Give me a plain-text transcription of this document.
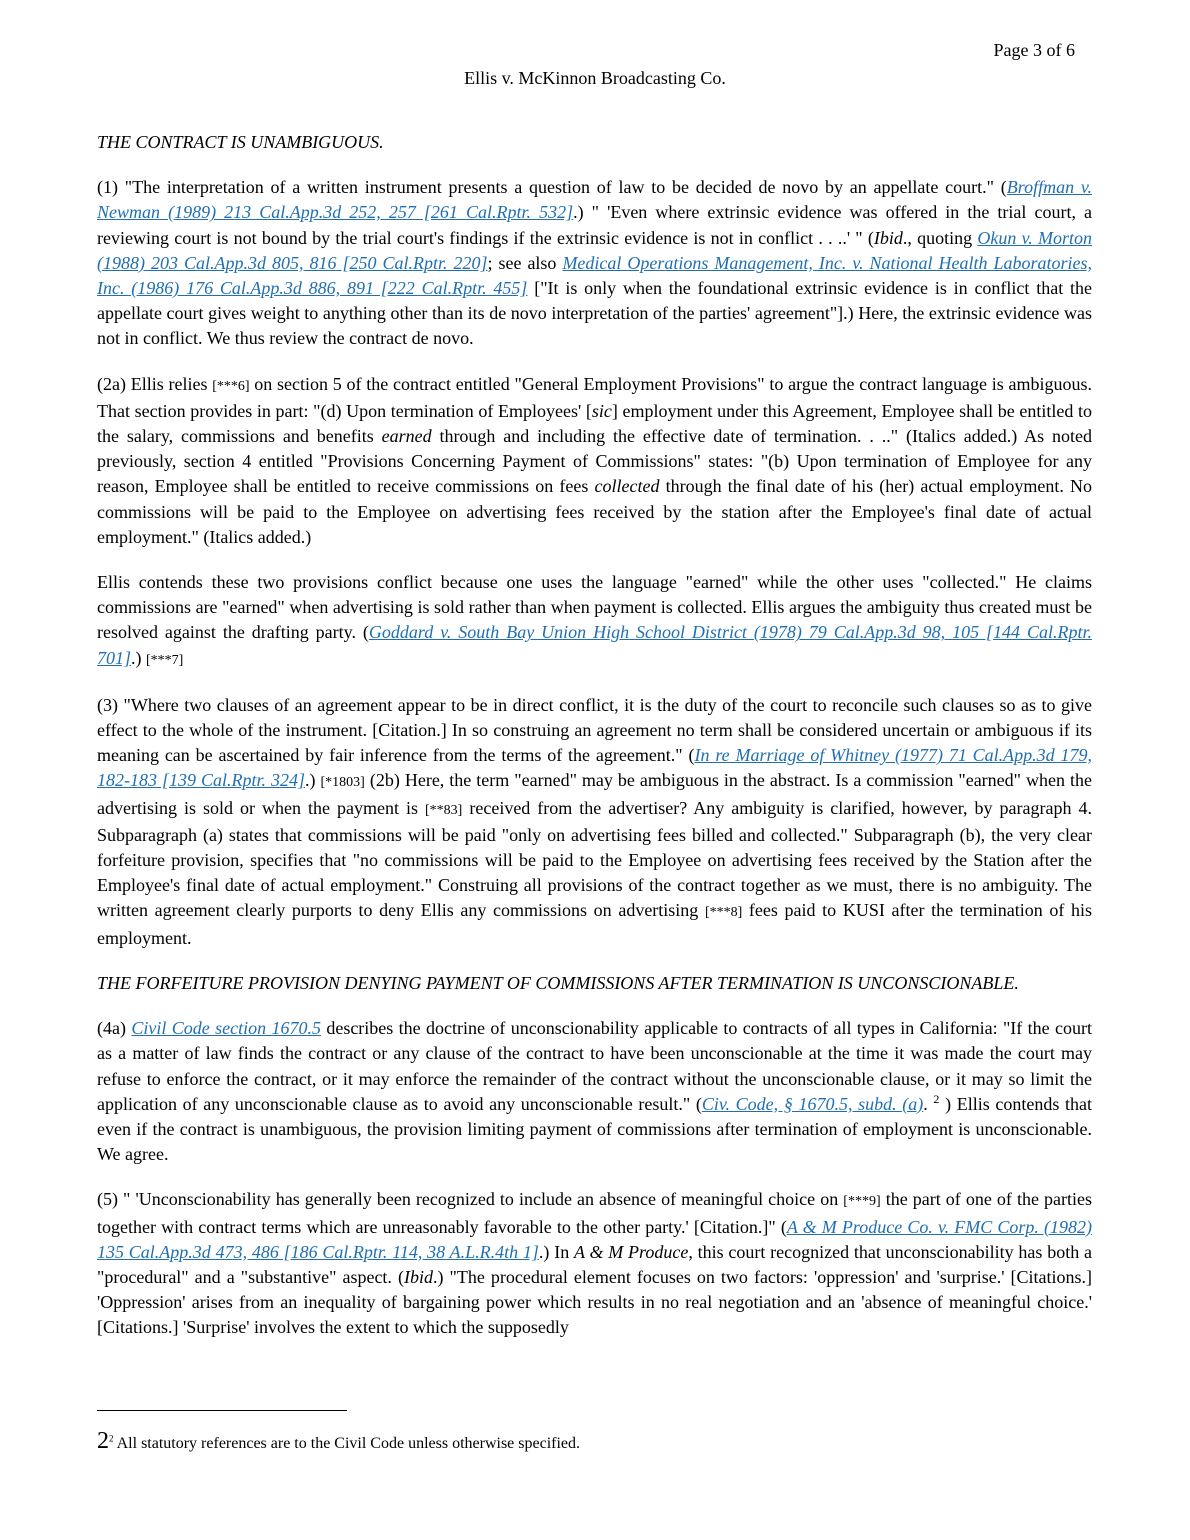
Page 3 of 6
Ellis v. McKinnon Broadcasting Co.
THE CONTRACT IS UNAMBIGUOUS.

(1) "The interpretation of a written instrument presents a question of law to be decided de novo by an appellate court." (Broffman v. Newman (1989) 213 Cal.App.3d 252, 257 [261 Cal.Rptr. 532].) " 'Even where extrinsic evidence was offered in the trial court, a reviewing court is not bound by the trial court's findings if the extrinsic evidence is not in conflict . . ..' " (Ibid., quoting Okun v. Morton (1988) 203 Cal.App.3d 805, 816 [250 Cal.Rptr. 220]; see also Medical Operations Management, Inc. v. National Health Laboratories, Inc. (1986) 176 Cal.App.3d 886, 891 [222 Cal.Rptr. 455] ["It is only when the foundational extrinsic evidence is in conflict that the appellate court gives weight to anything other than its de novo interpretation of the parties' agreement"].) Here, the extrinsic evidence was not in conflict. We thus review the contract de novo.

(2a) Ellis relies [***6] on section 5 of the contract entitled "General Employment Provisions" to argue the contract language is ambiguous. That section provides in part: "(d) Upon termination of Employees' [sic] employment under this Agreement, Employee shall be entitled to the salary, commissions and benefits earned through and including the effective date of termination. . .." (Italics added.) As noted previously, section 4 entitled "Provisions Concerning Payment of Commissions" states: "(b) Upon termination of Employee for any reason, Employee shall be entitled to receive commissions on fees collected through the final date of his (her) actual employment. No commissions will be paid to the Employee on advertising fees received by the station after the Employee's final date of actual employment." (Italics added.)

Ellis contends these two provisions conflict because one uses the language "earned" while the other uses "collected." He claims commissions are "earned" when advertising is sold rather than when payment is collected. Ellis argues the ambiguity thus created must be resolved against the drafting party. (Goddard v. South Bay Union High School District (1978) 79 Cal.App.3d 98, 105 [144 Cal.Rptr. 701].) [***7]

(3) "Where two clauses of an agreement appear to be in direct conflict, it is the duty of the court to reconcile such clauses so as to give effect to the whole of the instrument. [Citation.] In so construing an agreement no term shall be considered uncertain or ambiguous if its meaning can be ascertained by fair inference from the terms of the agreement." (In re Marriage of Whitney (1977) 71 Cal.App.3d 179, 182-183 [139 Cal.Rptr. 324].) [*1803] (2b) Here, the term "earned" may be ambiguous in the abstract. Is a commission "earned" when the advertising is sold or when the payment is [**83] received from the advertiser? Any ambiguity is clarified, however, by paragraph 4. Subparagraph (a) states that commissions will be paid "only on advertising fees billed and collected." Subparagraph (b), the very clear forfeiture provision, specifies that "no commissions will be paid to the Employee on advertising fees received by the Station after the Employee's final date of actual employment." Construing all provisions of the contract together as we must, there is no ambiguity. The written agreement clearly purports to deny Ellis any commissions on advertising [***8] fees paid to KUSI after the termination of his employment.

THE FORFEITURE PROVISION DENYING PAYMENT OF COMMISSIONS AFTER TERMINATION IS UNCONSCIONABLE.

(4a) Civil Code section 1670.5 describes the doctrine of unconscionability applicable to contracts of all types in California: "If the court as a matter of law finds the contract or any clause of the contract to have been unconscionable at the time it was made the court may refuse to enforce the contract, or it may enforce the remainder of the contract without the unconscionable clause, or it may so limit the application of any unconscionable clause as to avoid any unconscionable result." (Civ. Code, § 1670.5, subd. (a). $^2$ ) Ellis contends that even if the contract is unambiguous, the provision limiting payment of commissions after termination of employment is unconscionable. We agree.

(5) " 'Unconscionability has generally been recognized to include an absence of meaningful choice on [***9] the part of one of the parties together with contract terms which are unreasonably favorable to the other party.' [Citation.]" (A & M Produce Co. v. FMC Corp. (1982) 135 Cal.App.3d 473, 486 [186 Cal.Rptr. 114, 38 A.L.R.4th 1].) In A & M Produce, this court recognized that unconscionability has both a "procedural" and a "substantive" aspect. (Ibid.) "The procedural element focuses on two factors: 'oppression' and 'surprise.' [Citations.] 'Oppression' arises from an inequality of bargaining power which results in no real negotiation and an 'absence of meaningful choice.' [Citations.] 'Surprise' involves the extent to which the supposedly

$2^2$ All statutory references are to the Civil Code unless otherwise specified.
